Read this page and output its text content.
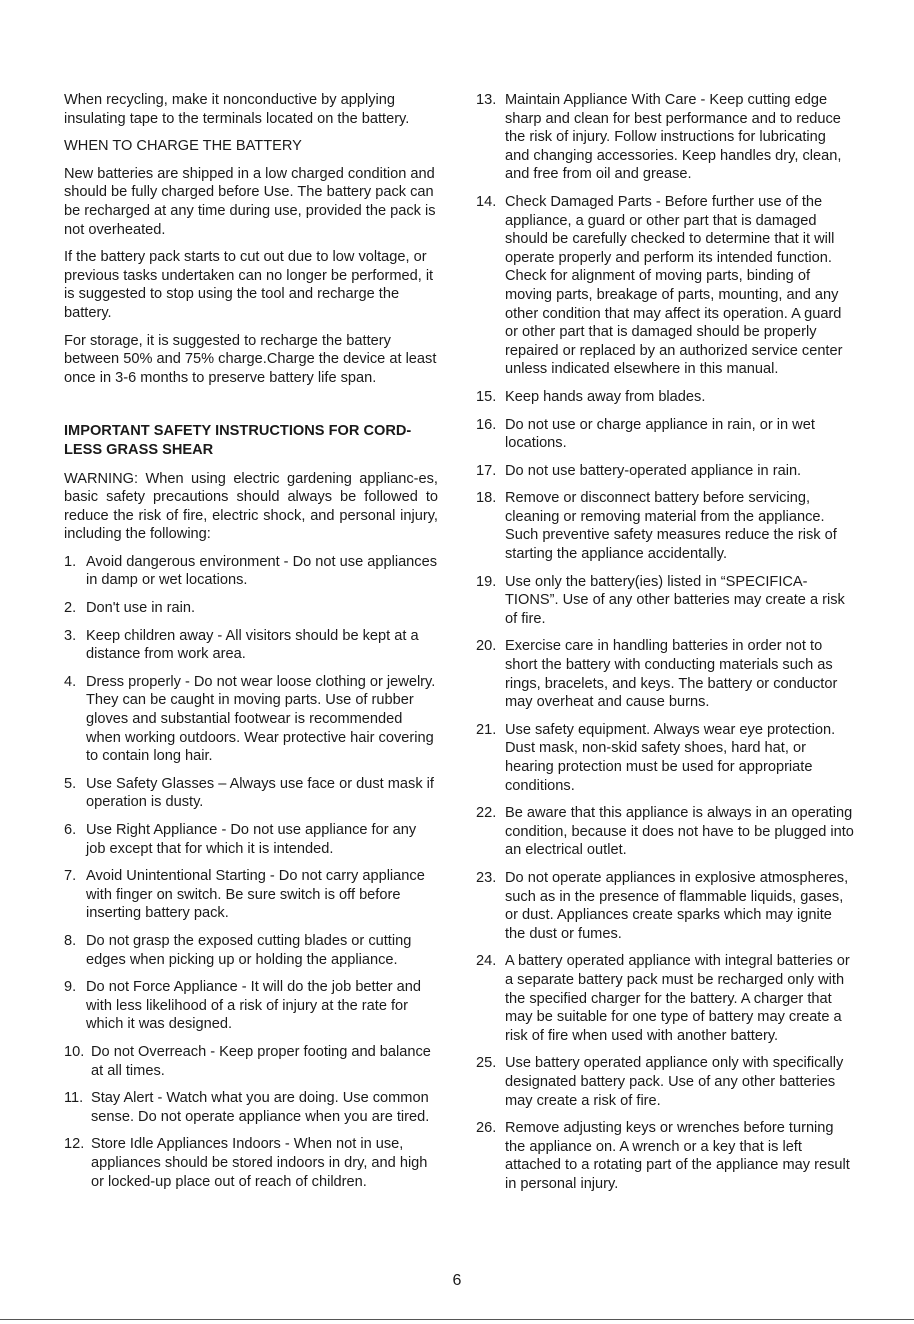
When recycling, make it nonconductive by applying insulating tape to the terminals located on the battery.

WHEN TO CHARGE THE BATTERY

New batteries are shipped in a low charged condition and should be fully charged before Use. The battery pack can be recharged at any time during use, provided the pack is not overheated.

If the battery pack starts to cut out due to low voltage, or previous tasks undertaken can no longer be performed, it is suggested to stop using the tool and recharge the battery.

For storage, it is suggested to recharge the battery between 50% and 75% charge.Charge the device at least once in 3-6 months to preserve battery life span.

IMPORTANT SAFETY INSTRUCTIONS FOR CORD-LESS GRASS SHEAR

WARNING: When using electric gardening applianc-es, basic safety precautions should always be followed to reduce the risk of fire, electric shock, and personal injury, including the following:

1. Avoid dangerous environment - Do not use appliances in damp or wet locations.
2. Don't use in rain.
3. Keep children away - All visitors should be kept at a distance from work area.
4. Dress properly - Do not wear loose clothing or jewelry. They can be caught in moving parts. Use of rubber gloves and substantial footwear is recommended when working outdoors. Wear protective hair covering to contain long hair.
5. Use Safety Glasses – Always use face or dust mask if operation is dusty.
6. Use Right Appliance - Do not use appliance for any job except that for which it is intended.
7. Avoid Unintentional Starting - Do not carry appliance with finger on switch. Be sure switch is off before inserting battery pack.
8. Do not grasp the exposed cutting blades or cutting edges when picking up or holding the appliance.
9. Do not Force Appliance - It will do the job better and with less likelihood of a risk of injury at the rate for which it was designed.
10. Do not Overreach - Keep proper footing and balance at all times.
11. Stay Alert - Watch what you are doing. Use common sense. Do not operate appliance when you are tired.
12. Store Idle Appliances Indoors - When not in use, appliances should be stored indoors in dry, and high or locked-up place out of reach of children.
13. Maintain Appliance With Care - Keep cutting edge sharp and clean for best performance and to reduce the risk of injury. Follow instructions for lubricating and changing accessories. Keep handles dry, clean, and free from oil and grease.
14. Check Damaged Parts - Before further use of the appliance, a guard or other part that is damaged should be carefully checked to determine that it will operate properly and perform its intended function. Check for alignment of moving parts, binding of moving parts, breakage of parts, mounting, and any other condition that may affect its operation. A guard or other part that is damaged should be properly repaired or replaced by an authorized service center unless indicated elsewhere in this manual.
15. Keep hands away from blades.
16. Do not use or charge appliance in rain, or in wet locations.
17. Do not use battery-operated appliance in rain.
18. Remove or disconnect battery before servicing, cleaning or removing material from the appliance. Such preventive safety measures reduce the risk of starting the appliance accidentally.
19. Use only the battery(ies) listed in “SPECIFICA-TIONS”. Use of any other batteries may create a risk of fire.
20. Exercise care in handling batteries in order not to short the battery with conducting materials such as rings, bracelets, and keys. The battery or conductor may overheat and cause burns.
21. Use safety equipment. Always wear eye protection. Dust mask, non-skid safety shoes, hard hat, or hearing protection must be used for appropriate conditions.
22. Be aware that this appliance is always in an operating condition, because it does not have to be plugged into an electrical outlet.
23. Do not operate appliances in explosive atmospheres, such as in the presence of flammable liquids, gases, or dust. Appliances create sparks which may ignite the dust or fumes.
24. A battery operated appliance with integral batteries or a separate battery pack must be recharged only with the specified charger for the battery. A charger that may be suitable for one type of battery may create a risk of fire when used with another battery.
25. Use battery operated appliance only with specifically designated battery pack. Use of any other batteries may create a risk of fire.
26. Remove adjusting keys or wrenches before turning the appliance on. A wrench or a key that is left attached to a rotating part of the appliance may result in personal injury.
6
